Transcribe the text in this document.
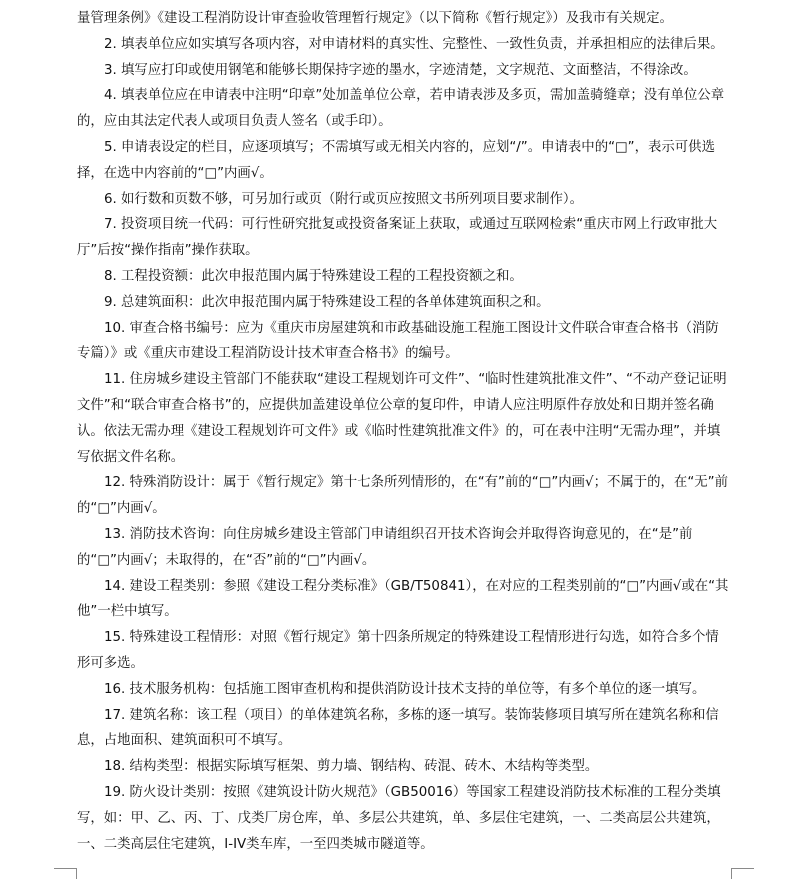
量管理条例》《建设工程消防设计审查验收管理暂行规定》（以下简称《暂行规定》）及我市有关规定。

2. 填表单位应如实填写各项内容，对申请材料的真实性、完整性、一致性负责，并承担相应的法律后果。

3. 填写应打印或使用钢笔和能够长期保持字迹的墨水，字迹清楚，文字规范、文面整洁，不得涂改。

4. 填表单位应在申请表中注明“印章”处加盖单位公章，若申请表涉及多页，需加盖骑缝章；没有单位公章的，应由其法定代表人或项目负责人签名（或手印）。

5. 申请表设定的栏目，应逐项填写；不需填写或无相关内容的，应划“/”。申请表中的“□”，表示可供选择，在选中内容前的“□”内画√。

6. 如行数和页数不够，可另加行或页（附行或页应按照文书所列项目要求制作）。

7. 投资项目统一代码：可行性研究批复或投资备案证上获取，或通过互联网检索“重庆市网上行政审批大厅”后按“操作指南”操作获取。

8. 工程投资额：此次申报范围内属于特殊建设工程的工程投资额之和。

9. 总建筑面积：此次申报范围内属于特殊建设工程的各单体建筑面积之和。

10. 审查合格书编号：应为《重庆市房屋建筑和市政基础设施工程施工图设计文件联合审查合格书（消防专篇）》或《重庆市建设工程消防设计技术审查合格书》的编号。

11. 住房城乡建设主管部门不能获取“建设工程规划许可文件”、“临时性建筑批准文件”、“不动产登记证明文件”和“联合审查合格书”的，应提供加盖建设单位公章的复印件，申请人应注明原件存放处和日期并签名确认。依法无需办理《建设工程规划许可文件》或《临时性建筑批准文件》的，可在表中注明“无需办理”，并填写依据文件名称。

12. 特殊消防设计：属于《暂行规定》第十七条所列情形的，在“有”前的“□”内画√；不属于的，在“无”前的“□”内画√。

13. 消防技术咨询：向住房城乡建设主管部门申请组织召开技术咨询会并取得咨询意见的，在“是”前的“□”内画√；未取得的，在“否”前的“□”内画√。

14. 建设工程类别：参照《建设工程分类标准》（GB/T50841），在对应的工程类别前的“□”内画√或在“其他”一栏中填写。

15. 特殊建设工程情形：对照《暂行规定》第十四条所规定的特殊建设工程情形进行勾选，如符合多个情形可多选。

16. 技术服务机构：包括施工图审查机构和提供消防设计技术支持的单位等，有多个单位的逐一填写。

17. 建筑名称：该工程（项目）的单体建筑名称，多栋的逐一填写。装饰装修项目填写所在建筑名称和信息，占地面积、建筑面积可不填写。

18. 结构类型：根据实际填写框架、剪力墙、钢结构、砖混、砖木、木结构等类型。

19. 防火设计类别：按照《建筑设计防火规范》（GB50016）等国家工程建设消防技术标准的工程分类填写，如：甲、乙、丙、丁、戊类厂房仓库，单、多层公共建筑，单、多层住宅建筑，一、二类高层公共建筑，一、二类高层住宅建筑，I-IV类车库，一至四类城市隧道等。
